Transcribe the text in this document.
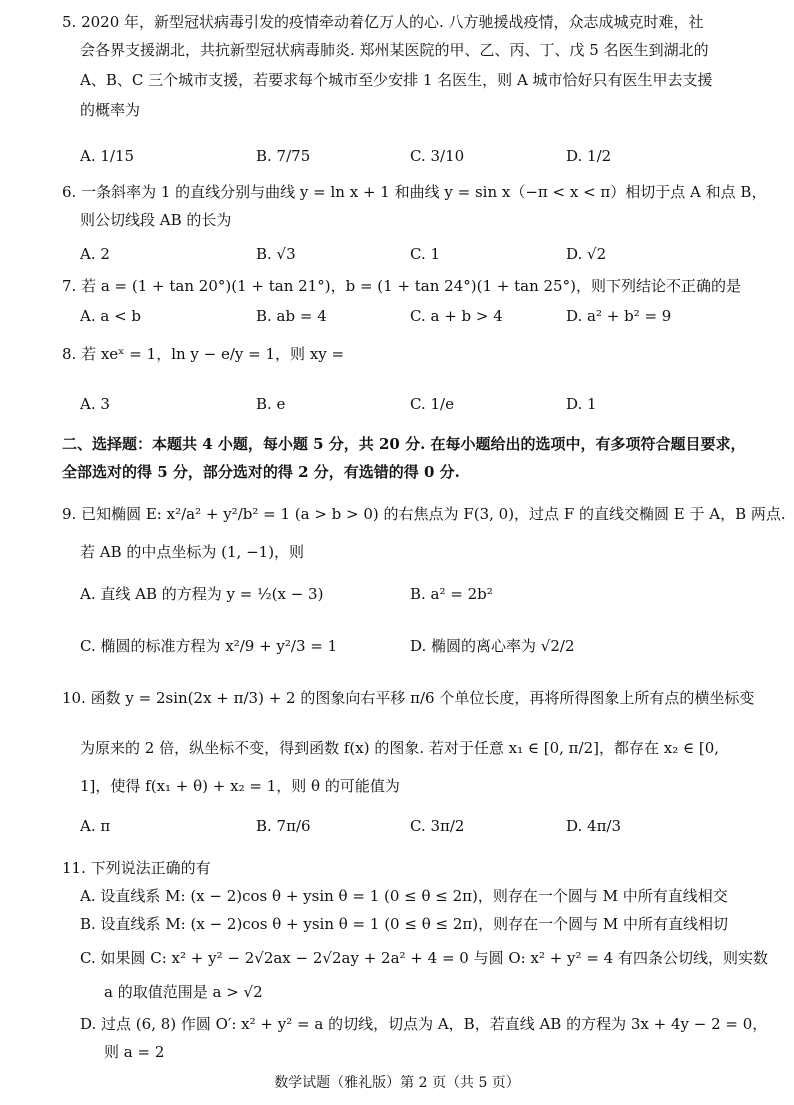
5. 2020 年，新型冠状病毒引发的疫情牵动着亿万人的心. 八方驰援战疫情，众志成城克时难，社
会各界支援湖北，共抗新型冠状病毒肺炎. 郑州某医院的甲、乙、丙、丁、戊 5 名医生到湖北的
A、B、C 三个城市支援，若要求每个城市至少安排 1 名医生，则 A 城市恰好只有医生甲去支援
的概率为
A. 1/15	B. 7/75	C. 3/10	D. 1/2
6. 一条斜率为 1 的直线分别与曲线 y = ln x + 1 和曲线 y = sin x（−π < x < π）相切于点 A 和点 B，
则公切线段 AB 的长为
A. 2	B. √3	C. 1	D. √2
7. 若 a = (1 + tan 20°)(1 + tan 21°)，b = (1 + tan 24°)(1 + tan 25°)，则下列结论不正确的是
A. a < b	B. ab = 4	C. a + b > 4	D. a² + b² = 9
8. 若 xeˣ = 1，ln y − e/y = 1，则 xy =
A. 3	B. e	C. 1/e	D. 1
二、选择题：本题共 4 小题，每小题 5 分，共 20 分. 在每小题给出的选项中，有多项符合题目要求，
全部选对的得 5 分，部分选对的得 2 分，有选错的得 0 分.
9. 已知椭圆 E: x²/a² + y²/b² = 1 (a > b > 0) 的右焦点为 F(3, 0)，过点 F 的直线交椭圆 E 于 A，B 两点.
若 AB 的中点坐标为 (1, −1)，则
A. 直线 AB 的方程为 y = ½(x − 3)	B. a² = 2b²
C. 椭圆的标准方程为 x²/9 + y²/3 = 1	D. 椭圆的离心率为 √2/2
10. 函数 y = 2sin(2x + π/3) + 2 的图象向右平移 π/6 个单位长度，再将所得图象上所有点的横坐标变
为原来的 2 倍，纵坐标不变，得到函数 f(x) 的图象. 若对于任意 x₁ ∈ [0, π/2]，都存在 x₂ ∈ [0,
1]，使得 f(x₁ + θ) + x₂ = 1，则 θ 的可能值为
A. π	B. 7π/6	C. 3π/2	D. 4π/3
11. 下列说法正确的有
A. 设直线系 M: (x − 2)cos θ + ysin θ = 1 (0 ≤ θ ≤ 2π)，则存在一个圆与 M 中所有直线相交
B. 设直线系 M: (x − 2)cos θ + ysin θ = 1 (0 ≤ θ ≤ 2π)，则存在一个圆与 M 中所有直线相切
C. 如果圆 C: x² + y² − 2√2ax − 2√2ay + 2a² + 4 = 0 与圆 O: x² + y² = 4 有四条公切线，则实数
a 的取值范围是 a > √2
D. 过点 (6, 8) 作圆 O′: x² + y² = a 的切线，切点为 A，B，若直线 AB 的方程为 3x + 4y − 2 = 0，
则 a = 2
数学试题（雅礼版）第 2 页（共 5 页）
